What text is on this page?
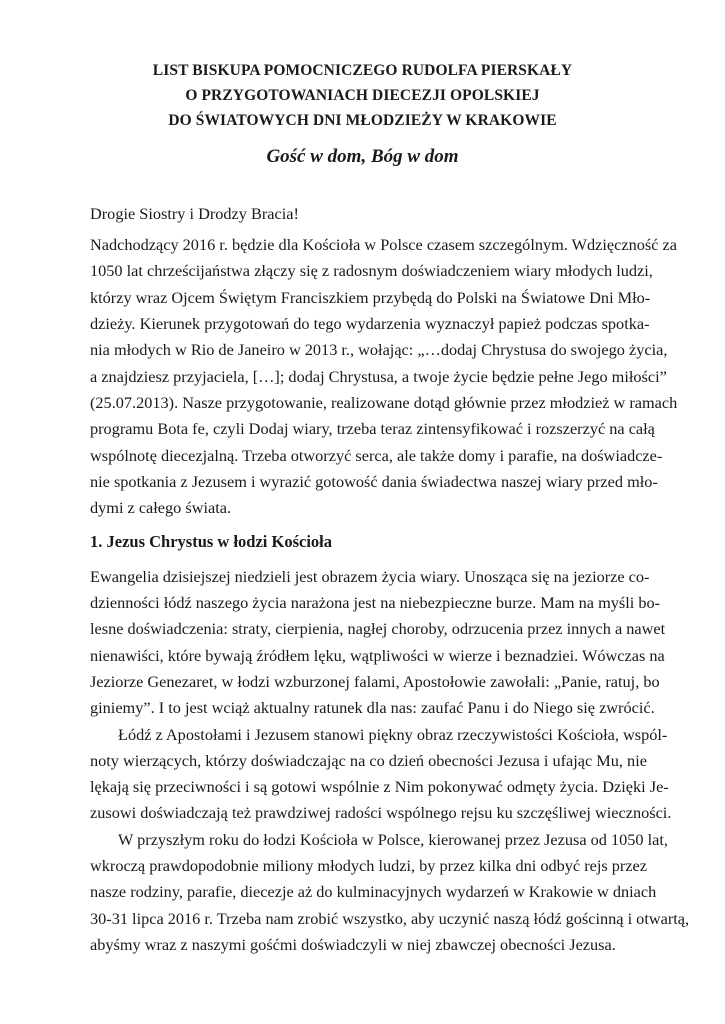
LIST BISKUPA POMOCNICZEGO RUDOLFA PIERSKAŁY
O PRZYGOTOWANIACH DIECEZJI OPOLSKIEJ
DO ŚWIATOWYCH DNI MŁODZIEŻY W KRAKOWIE
Gość w dom, Bóg w dom
Drogie Siostry i Drodzy Bracia!
Nadchodzący 2016 r. będzie dla Kościoła w Polsce czasem szczególnym. Wdzięczność za
1050 lat chrześcijaństwa złączy się z radosnym doświadczeniem wiary młodych ludzi,
którzy wraz Ojcem Świętym Franciszkiem przybędą do Polski na Światowe Dni Mło-
dzieży. Kierunek przygotowań do tego wydarzenia wyznaczył papież podczas spotka-
nia młodych w Rio de Janeiro w 2013 r., wołając: „…dodaj Chrystusa do swojego życia,
a znajdziesz przyjaciela, […]; dodaj Chrystusa, a twoje życie będzie pełne Jego miłości”
(25.07.2013). Nasze przygotowanie, realizowane dotąd głównie przez młodzież w ramach
programu Bota fe, czyli Dodaj wiary, trzeba teraz zintensyfikować i rozszerzyć na całą
wspólnotę diecezjalną. Trzeba otworzyć serca, ale także domy i parafie, na doświadcze-
nie spotkania z Jezusem i wyrazić gotowość dania świadectwa naszej wiary przed mło-
dymi z całego świata.
1. Jezus Chrystus w łodzi Kościoła
Ewangelia dzisiejszej niedzieli jest obrazem życia wiary. Unosząca się na jeziorze co-
dzienności łódź naszego życia narażona jest na niebezpieczne burze. Mam na myśli bo-
lesne doświadczenia: straty, cierpienia, nagłej choroby, odrzucenia przez innych a nawet
nienawiści, które bywają źródłem lęku, wątpliwości w wierze i beznadziei. Wówczas na
Jeziorze Genezaret, w łodzi wzburzonej falami, Apostołowie zawołali: „Panie, ratuj, bo
giniemy”. I to jest wciąż aktualny ratunek dla nas: zaufać Panu i do Niego się zwrócić.
Łódź z Apostołami i Jezusem stanowi piękny obraz rzeczywistości Kościoła, wspól-
noty wierzących, którzy doświadczając na co dzień obecności Jezusa i ufając Mu, nie
lękają się przeciwności i są gotowi wspólnie z Nim pokonywać odmęty życia. Dzięki Je-
zusowi doświadczają też prawdziwej radości wspólnego rejsu ku szczęśliwej wieczności.
W przyszłym roku do łodzi Kościoła w Polsce, kierowanej przez Jezusa od 1050 lat,
wkroczą prawdopodobnie miliony młodych ludzi, by przez kilka dni odbyć rejs przez
nasze rodziny, parafie, diecezje aż do kulminacyjnych wydarzeń w Krakowie w dniach
30-31 lipca 2016 r. Trzeba nam zrobić wszystko, aby uczynić naszą łódź gościnną i otwartą,
abyśmy wraz z naszymi gośćmi doświadczyli w niej zbawczej obecności Jezusa.
